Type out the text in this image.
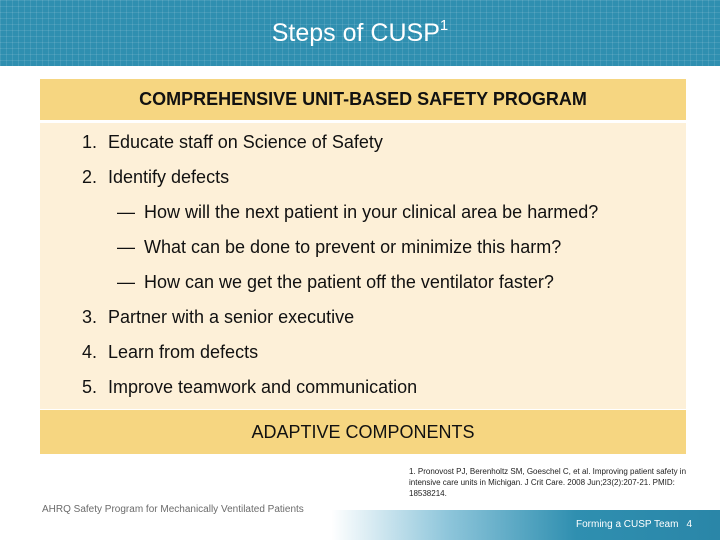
Steps of CUSP$^1$
COMPREHENSIVE UNIT-BASED SAFETY PROGRAM
1. Educate staff on Science of Safety
2. Identify defects
— How will the next patient in your clinical area be harmed?
— What can be done to prevent or minimize this harm?
— How can we get the patient off the ventilator faster?
3. Partner with a senior executive
4. Learn from defects
5. Improve teamwork and communication
ADAPTIVE COMPONENTS
AHRQ Safety Program for Mechanically Ventilated Patients
1. Pronovost PJ, Berenholtz SM, Goeschel C, et al. Improving patient safety in intensive care units in Michigan. J Crit Care. 2008 Jun;23(2):207-21. PMID: 18538214.
Forming a CUSP Team 4
